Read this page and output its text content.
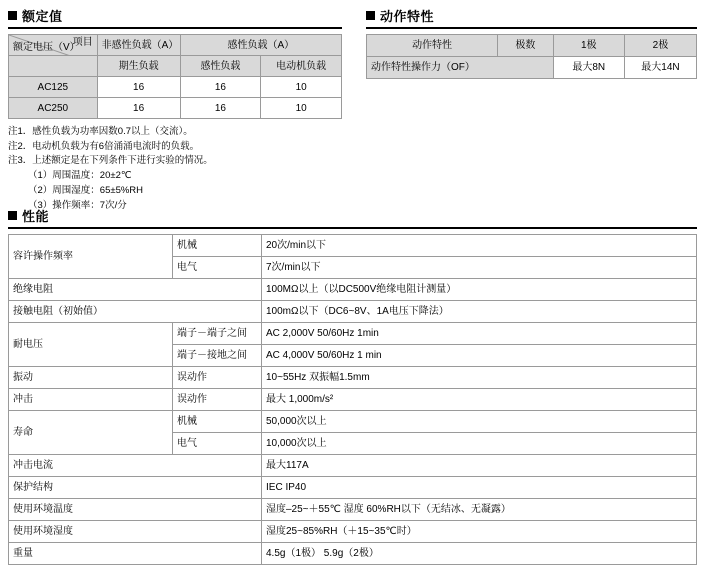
额定值
项目
额定电压（V）	非感性负载（A）	感性负载（A）	
	期生负载	感性负载	电动机负载
AC125	16	16	10
AC250	16	16	10
注1．感性负载为功率因数0.7以上（交流）。
注2．电动机负载为有6倍涌涌电流时的负载。
注3．上述额定是在下列条件下进行实验的情况。
（1）周围温度：20±2℃
（2）周围湿度：65±5%RH
（3）操作频率：7次/分
动作特性
动作特性	极数	1极	2极
动作特性操作力（OF）		最大8N	最大14N
性能
容许操作频率	机械	20次/min以下
	电气	7次/min以下
绝缘电阻		100MΩ以上（以DC500V绝缘电阻计测量）
接触电阻（初始值）		100mΩ以下（DC6~8V、1A电压下降法）
耐电压	端子－端子之间	AC 2,000V 50/60Hz 1min
	端子－接地之间	AC 4,000V 50/60Hz 1 min
振动	误动作	10~55Hz 双振幅1.5mm
冲击	误动作	最大 1,000m/s²
寿命	机械	50,000次以上
	电气	10,000次以上
冲击电流		最大117A
保护结构		IEC IP40
使用环境温度		湿度–25~＋55℃ 湿度 60%RH以下（无结冰、无凝露）
使用环境湿度		湿度25~85%RH（＋15~35℃时）
重量		4.5g（1极） 5.9g（2极）
